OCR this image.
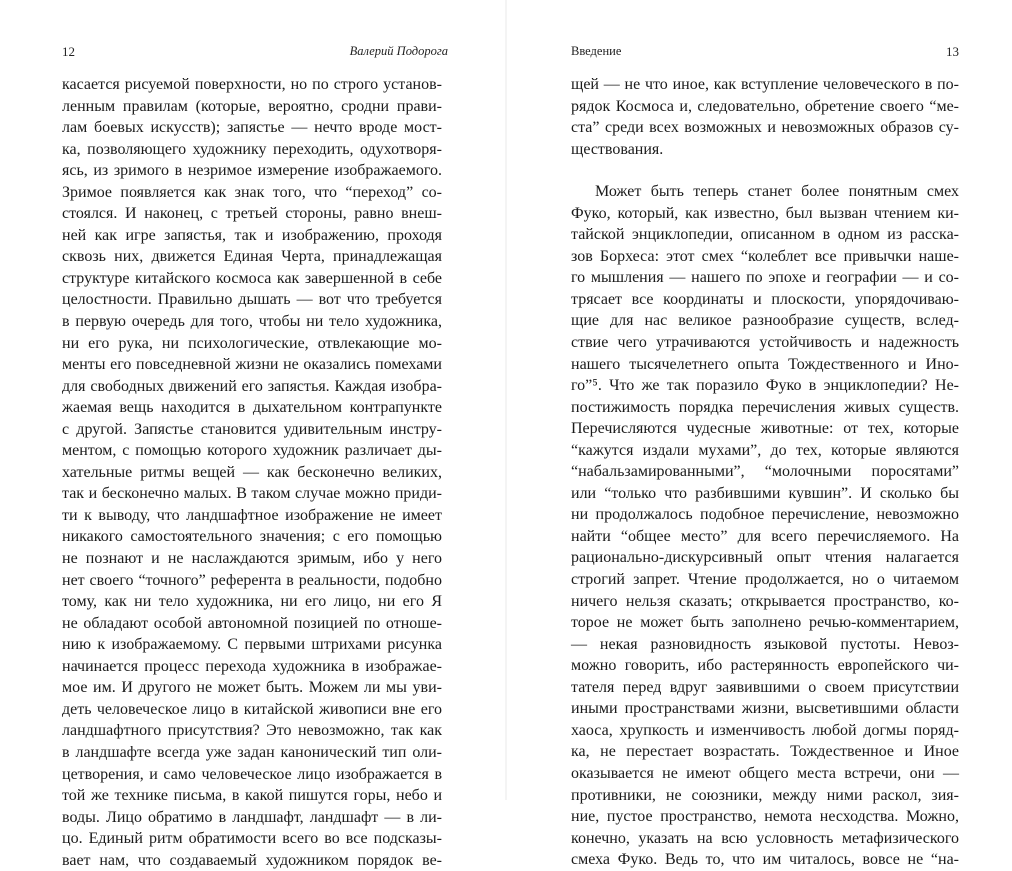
12	Валерий Подорога	Введение	13

касается рисуемой поверхности, но по строго установ-
ленным правилам (которые, вероятно, сродни прави-
лам боевых искусств); запястье — нечто вроде мост-
ка, позволяющего художнику переходить, одухотворя-
ясь, из зримого в незримое измерение изображаемого.
Зримое появляется как знак того, что “переход” со-
стоялся. И наконец, с третьей стороны, равно внеш-
ней как игре запястья, так и изображению, проходя
сквозь них, движется Единая Черта, принадлежащая
структуре китайского космоса как завершенной в себе
целостности. Правильно дышать — вот что требуется
в первую очередь для того, чтобы ни тело художника,
ни его рука, ни психологические, отвлекающие мо-
менты его повседневной жизни не оказались помехами
для свободных движений его запястья. Каждая изобра-
жаемая вещь находится в дыхательном контрапункте
с другой. Запястье становится удивительным инстру-
ментом, с помощью которого художник различает ды-
хательные ритмы вещей — как бесконечно великих,
так и бесконечно малых. В таком случае можно приди-
ти к выводу, что ландшафтное изображение не имеет
никакого самостоятельного значения; с его помощью
не познают и не наслаждаются зримым, ибо у него
нет своего “точного” референта в реальности, подобно
тому, как ни тело художника, ни его лицо, ни его Я
не обладают особой автономной позицией по отноше-
нию к изображаемому. С первыми штрихами рисунка
начинается процесс перехода художника в изображае-
мое им. И другого не может быть. Можем ли мы уви-
деть человеческое лицо в китайской живописи вне его
ландшафтного присутствия? Это невозможно, так как
в ландшафте всегда уже задан канонический тип оли-
цетворения, и само человеческое лицо изображается в
той же технике письма, в какой пишутся горы, небо и
воды. Лицо обратимо в ландшафт, ландшафт — в ли-
цо. Единый ритм обратимости всего во все подсказы-
вает нам, что создаваемый художником порядок ве-

щей — не что иное, как вступление человеческого в по-
рядок Космоса и, следовательно, обретение своего “ме-
ста” среди всех возможных и невозможных образов су-
ществования.

Может быть теперь станет более понятным смех
Фуко, который, как известно, был вызван чтением ки-
тайской энциклопедии, описанном в одном из расска-
зов Борхеса: этот смех “колеблет все привычки наше-
го мышления — нашего по эпохе и географии — и со-
трясает все координаты и плоскости, упорядочиваю-
щие для нас великое разнообразие существ, вслед-
ствие чего утрачиваются устойчивость и надежность
нашего тысячелетнего опыта Тождественного и Ино-
го”⁵. Что же так поразило Фуко в энциклопедии? Не-
постижимость порядка перечисления живых существ.
Перечисляются чудесные животные: от тех, которые
“кажутся издали мухами”, до тех, которые являются
“набальзамированными”, “молочными поросятами”
или “только что разбившими кувшин”. И сколько бы
ни продолжалось подобное перечисление, невозможно
найти “общее место” для всего перечисляемого. На
рационально-дискурсивный опыт чтения налагается
строгий запрет. Чтение продолжается, но о читаемом
ничего нельзя сказать; открывается пространство, ко-
торое не может быть заполнено речью-комментарием,
— некая разновидность языковой пустоты. Невоз-
можно говорить, ибо растерянность европейского чи-
тателя перед вдруг заявившими о своем присутствии
иными пространствами жизни, высветившими области
хаоса, хрупкость и изменчивость любой догмы поряд-
ка, не перестает возрастать. Тождественное и Иное
оказывается не имеют общего места встречи, они —
противники, не союзники, между ними раскол, зия-
ние, пустое пространство, немота несходства. Можно,
конечно, указать на всю условность метафизического
смеха Фуко. Ведь то, что им читалось, вовсе не “на-
